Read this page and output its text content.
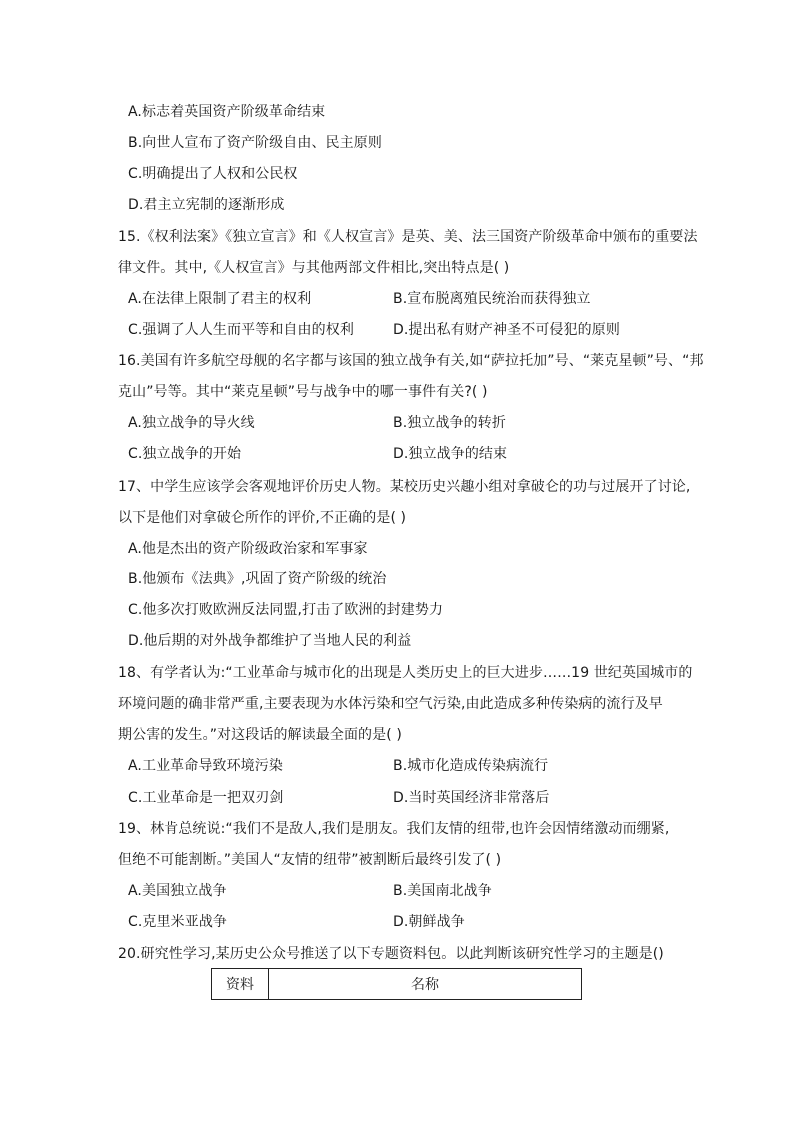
A.标志着英国资产阶级革命结束
B.向世人宣布了资产阶级自由、民主原则
C.明确提出了人权和公民权
D.君主立宪制的逐渐形成
15.《权利法案》《独立宣言》和《人权宣言》是英、美、法三国资产阶级革命中颁布的重要法
律文件。其中,《人权宣言》与其他两部文件相比,突出特点是( )
A.在法律上限制了君主的权利	B.宣布脱离殖民统治而获得独立
C.强调了人人生而平等和自由的权利	D.提出私有财产神圣不可侵犯的原则
16.美国有许多航空母舰的名字都与该国的独立战争有关,如“萨拉托加”号、“莱克星顿”号、“邦
克山”号等。其中“莱克星顿”号与战争中的哪一事件有关?( )
A.独立战争的导火线	B.独立战争的转折
C.独立战争的开始	D.独立战争的结束
17、中学生应该学会客观地评价历史人物。某校历史兴趣小组对拿破仑的功与过展开了讨论,
以下是他们对拿破仑所作的评价,不正确的是( )
A.他是杰出的资产阶级政治家和军事家
B.他颁布《法典》,巩固了资产阶级的统治
C.他多次打败欧洲反法同盟,打击了欧洲的封建势力
D.他后期的对外战争都维护了当地人民的利益
18、有学者认为:“工业革命与城市化的出现是人类历史上的巨大进步……19 世纪英国城市的
环境问题的确非常严重,主要表现为水体污染和空气污染,由此造成多种传染病的流行及早
期公害的发生。”对这段话的解读最全面的是( )
A.工业革命导致环境污染	B.城市化造成传染病流行
C.工业革命是一把双刃剑	D.当时英国经济非常落后
19、林肯总统说:“我们不是敌人,我们是朋友。我们友情的纽带,也许会因情绪激动而绷紧,
但绝不可能割断。”美国人“友情的纽带”被割断后最终引发了( )
A.美国独立战争	B.美国南北战争
C.克里米亚战争	D.朝鲜战争
20.研究性学习,某历史公众号推送了以下专题资料包。以此判断该研究性学习的主题是()
资料	名称
